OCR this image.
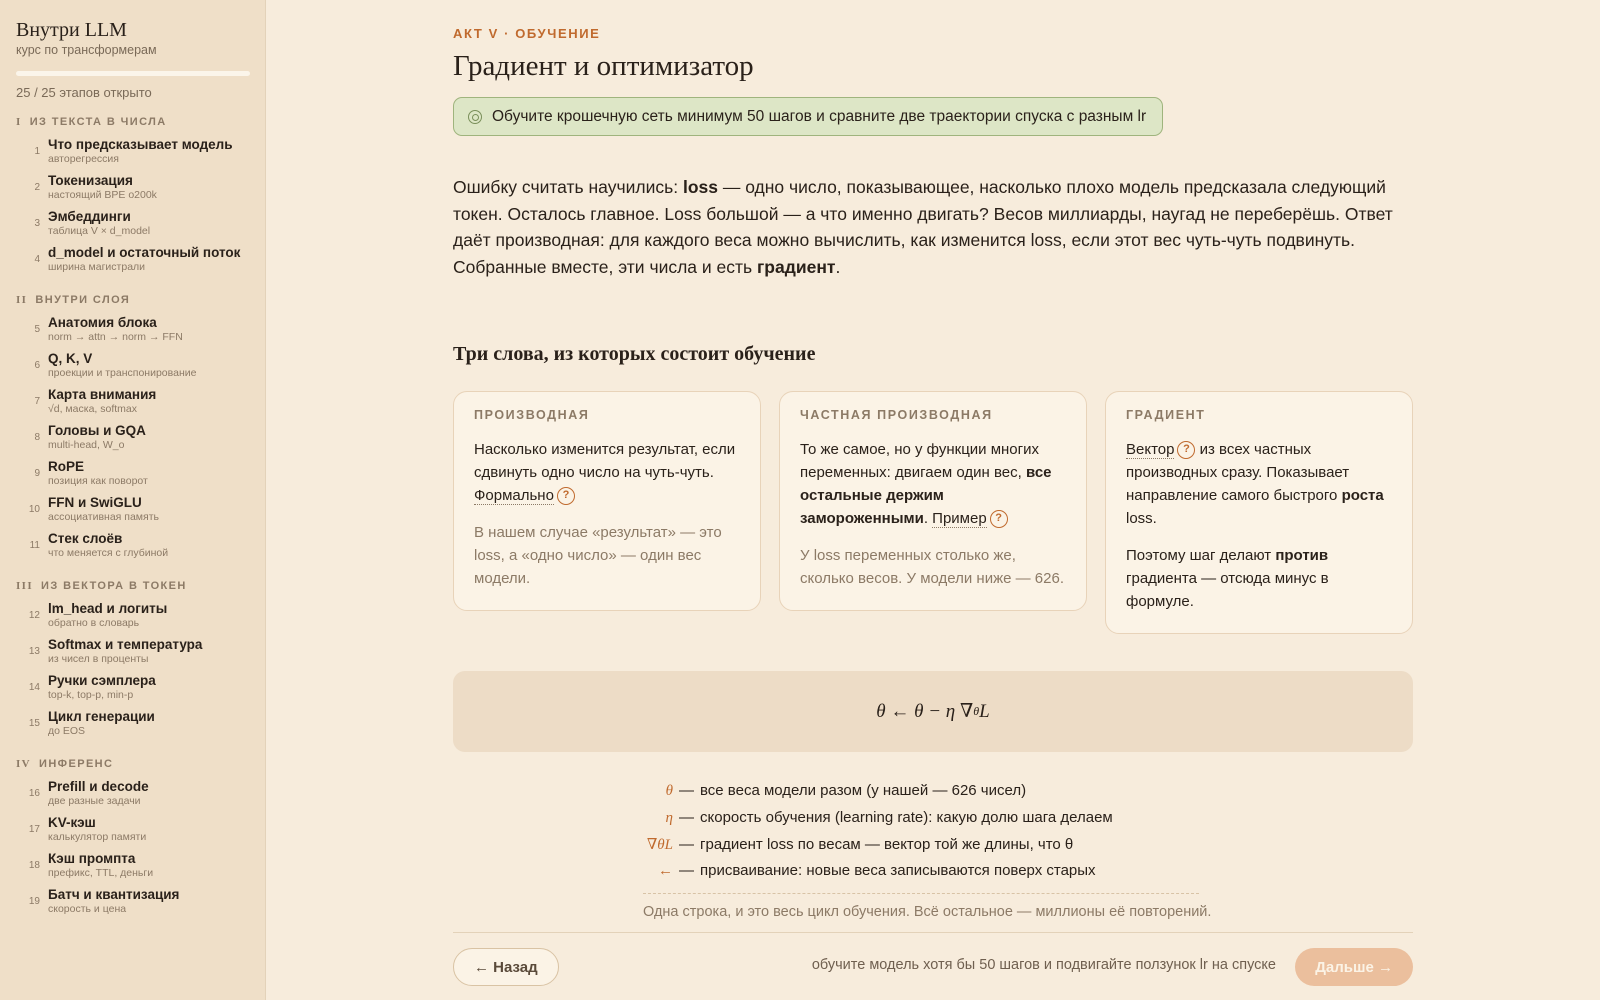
Внутри LLM
курс по трансформерам
25 / 25 этапов открыто
I ИЗ ТЕКСТА В ЧИСЛА
1 Что предсказывает модель
авторегрессия
2 Токенизация
настоящий BPE o200k
3 Эмбеддинги
таблица V × d_model
4 d_model и остаточный поток
ширина магистрали
II ВНУТРИ СЛОЯ
5 Анатомия блока
norm → attn → norm → FFN
6 Q, K, V
проекции и транспонирование
7 Карта внимания
√d, маска, softmax
8 Головы и GQA
multi-head, W_o
9 RoPE
позиция как поворот
10 FFN и SwiGLU
ассоциативная память
11 Стек слоёв
что меняется с глубиной
III ИЗ ВЕКТОРА В ТОКЕН
12 lm_head и логиты
обратно в словарь
13 Softmax и температура
из чисел в проценты
14 Ручки сэмплера
top-k, top-p, min-p
15 Цикл генерации
до EOS
IV ИНФЕРЕНС
16 Prefill и decode
две разные задачи
17 KV-кэш
калькулятор памяти
18 Кэш промпта
префикс, TTL, деньги
19 Батч и квантизация
скорость и цена
АКТ V · ОБУЧЕНИЕ
Градиент и оптимизатор
Обучите крошечную сеть минимум 50 шагов и сравните две траектории спуска с разным lr

Ошибку считать научились: loss — одно число, показывающее, насколько плохо модель предсказала следующий токен. Осталось главное. Loss большой — а что именно двигать? Весов миллиарды, наугад не переберёшь. Ответ даёт производная: для каждого веса можно вычислить, как изменится loss, если этот вес чуть-чуть подвинуть. Собранные вместе, эти числа и есть градиент.

Три слова, из которых состоит обучение
ПРОИЗВОДНАЯ

Насколько изменится результат, если сдвинуть одно число на чуть-чуть. Формально ?

В нашем случае «результат» — это loss, а «одно число» — один вес модели.

ЧАСТНАЯ ПРОИЗВОДНАЯ

То же самое, но у функции многих переменных: двигаем один вес, все остальные держим замороженными. Пример ?

У loss переменных столько же, сколько весов. У модели ниже — 626.

ГРАДИЕНТ

Вектор ? из всех частных производных сразу. Показывает направление самого быстрого роста loss.

Поэтому шаг делают против градиента — отсюда минус в формуле.

θ ← θ − η ∇ θ L
θ — все веса модели разом (у нашей — 626 чисел)
η — скорость обучения (learning rate): какую долю шага делаем
∇θL — градиент loss по весам — вектор той же длины, что θ
← — присваивание: новые веса записываются поверх старых
Одна строка, и это весь цикл обучения. Всё остальное — миллионы её повторений.
← Назад	обучите модель хотя бы 50 шагов и подвигайте ползунок lr на спуске	Дальше →
